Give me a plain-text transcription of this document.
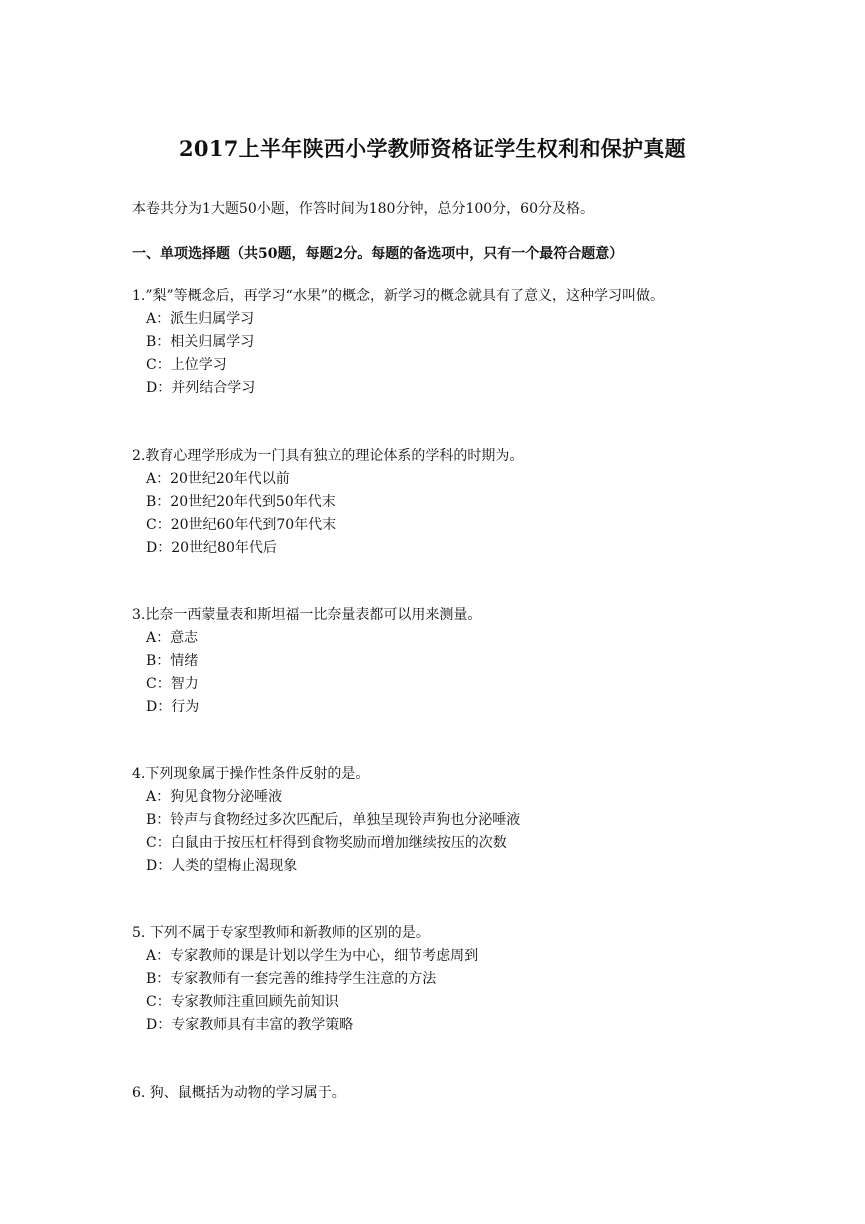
2017上半年陕西小学教师资格证学生权利和保护真题
本卷共分为1大题50小题，作答时间为180分钟，总分100分，60分及格。
一、单项选择题（共50题，每题2分。每题的备选项中，只有一个最符合题意）
1.”梨”等概念后，再学习“水果”的概念，新学习的概念就具有了意义，这种学习叫做。
A：派生归属学习
B：相关归属学习
C：上位学习
D：并列结合学习
2.教育心理学形成为一门具有独立的理论体系的学科的时期为。
A：20世纪20年代以前
B：20世纪20年代到50年代末
C：20世纪60年代到70年代末
D：20世纪80年代后
3.比奈一西蒙量表和斯坦福一比奈量表都可以用来测量。
A：意志
B：情绪
C：智力
D：行为
4.下列现象属于操作性条件反射的是。
A：狗见食物分泌唾液
B：铃声与食物经过多次匹配后，单独呈现铃声狗也分泌唾液
C：白鼠由于按压杠杆得到食物奖励而增加继续按压的次数
D：人类的望梅止渴现象
5. 下列不属于专家型教师和新教师的区别的是。
A：专家教师的课是计划以学生为中心，细节考虑周到
B：专家教师有一套完善的维持学生注意的方法
C：专家教师注重回顾先前知识
D：专家教师具有丰富的教学策略
6. 狗、鼠概括为动物的学习属于。
